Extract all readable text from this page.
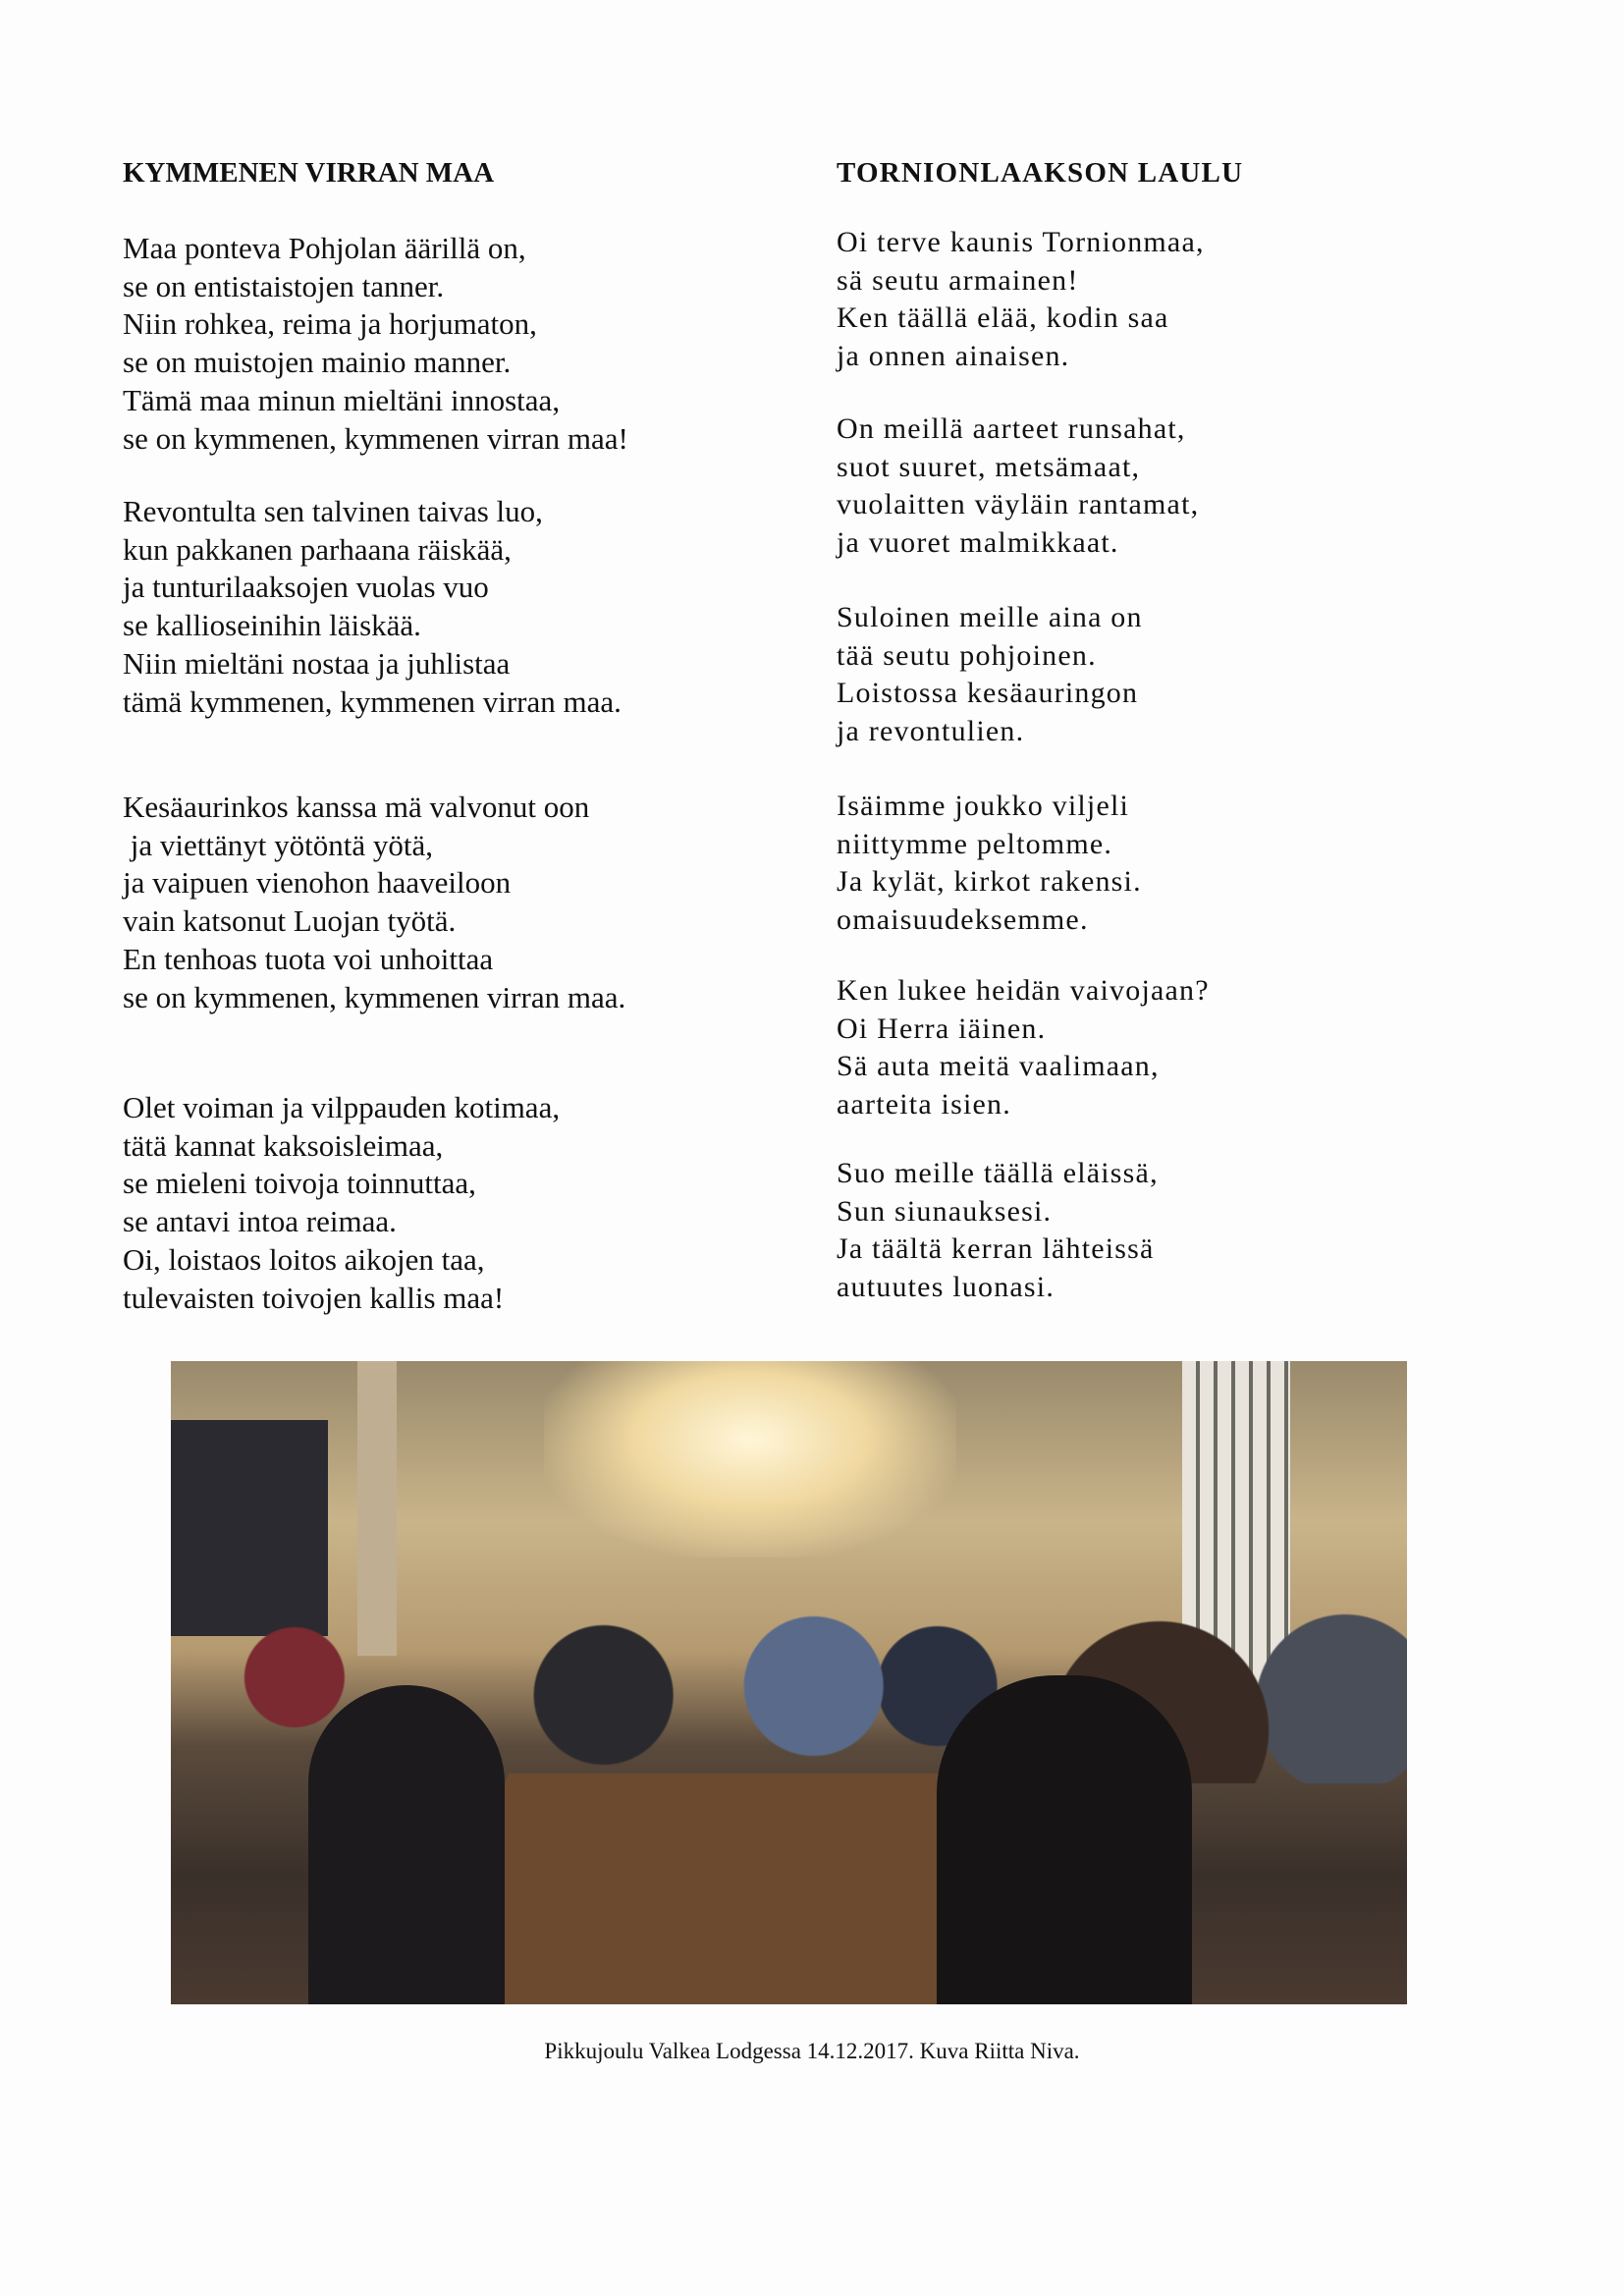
KYMMENEN VIRRAN MAA
Maa ponteva Pohjolan äärillä on,
se on entistaistojen tanner.
Niin rohkea, reima ja horjumaton,
se on muistojen mainio manner.
Tämä maa minun mieltäni innostaa,
se on kymmenen, kymmenen virran maa!
Revontulta sen talvinen taivas luo,
kun pakkanen parhaana räiskää,
ja tunturilaaksojen vuolas vuo
se kallioseinihin läiskää.
Niin mieltäni nostaa ja juhlistaa
tämä kymmenen, kymmenen virran maa.
Kesäaurinkos kanssa mä valvonut oon
ja viettänyt yötöntä yötä,
ja vaipuen vienohon haaveiloon
vain katsonut Luojan työtä.
En tenhoas tuota voi unhoittaa
se on kymmenen, kymmenen virran maa.
Olet voiman ja vilppauden kotimaa,
tätä kannat kaksoisleimaa,
se mieleni toivoja toinnuttaa,
se antavi intoa reimaa.
Oi, loistaos loitos aikojen taa,
tulevaisten toivojen kallis maa!
TORNIONLAAKSON LAULU
Oi terve kaunis Tornionmaa,
sä seutu armainen!
Ken täällä elää, kodin saa
ja onnen ainaisen.
On meillä aarteet runsahat,
suot suuret, metsämaat,
vuolaitten väyläin rantamat,
ja vuoret malmikkaat.
Suloinen meille aina on
tää seutu pohjoinen.
Loistossa kesäauringon
ja revontulien.
Isäimme joukko viljeli
niittymme peltomme.
Ja kylät, kirkot rakensi.
omaisuudeksemme.
Ken lukee heidän vaivojaan?
Oi Herra iäinen.
Sä auta meitä vaalimaan,
aarteita isien.
Suo meille täällä eläissä,
Sun siunauksesi.
Ja täältä kerran lähteissä
autuutes luonasi.
Pikkujoulu Valkea Lodgessa 14.12.2017. Kuva Riitta Niva.
